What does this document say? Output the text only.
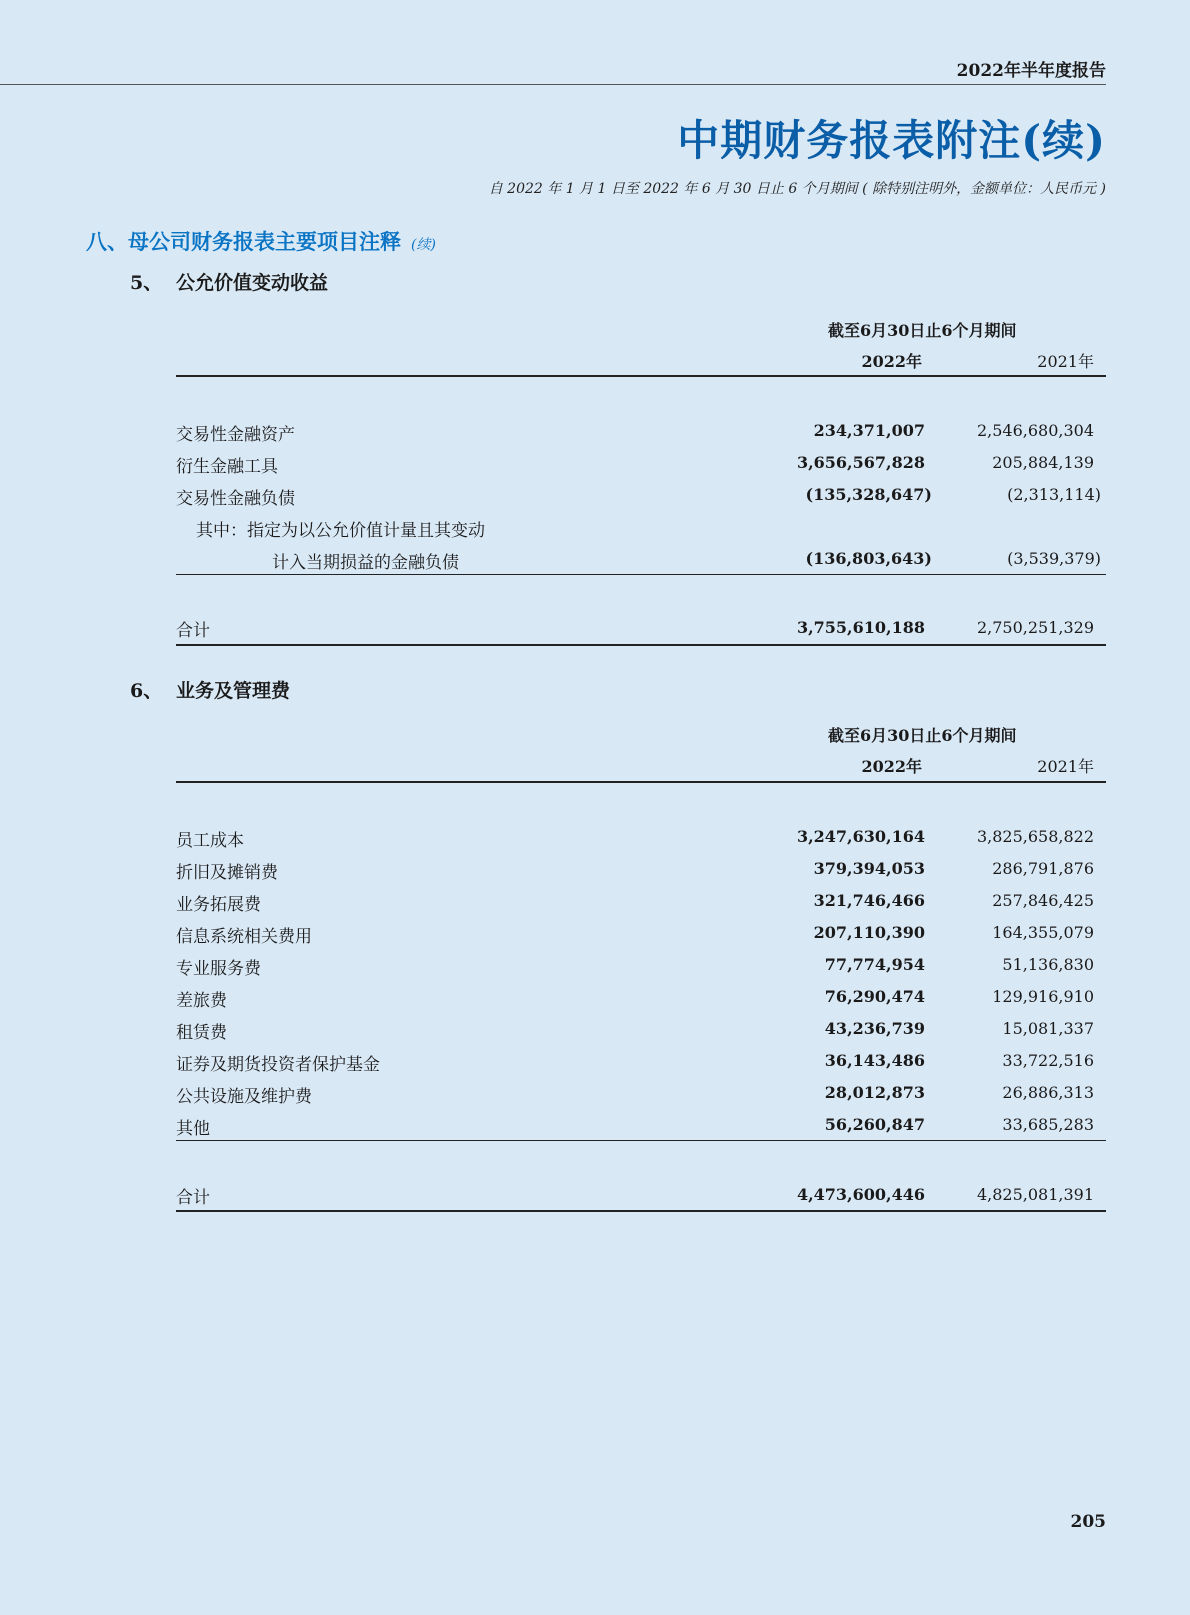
2022年半年度报告
中期财务报表附注(续)
自 2022 年 1 月 1 日至 2022 年 6 月 30 日止 6 个月期间 ( 除特别注明外，金额单位：人民币元 )
八、母公司财务报表主要项目注释 (续)
5、 公允价值变动收益
截至6月30日止6个月期间
2022年	2021年
交易性金融资产	234,371,007	2,546,680,304
衍生金融工具	3,656,567,828	205,884,139
交易性金融负债	(135,328,647)	(2,313,114)
其中：指定为以公允价值计量且其变动
计入当期损益的金融负债	(136,803,643)	(3,539,379)
合计	3,755,610,188	2,750,251,329
6、 业务及管理费
截至6月30日止6个月期间
2022年	2021年
员工成本	3,247,630,164	3,825,658,822
折旧及摊销费	379,394,053	286,791,876
业务拓展费	321,746,466	257,846,425
信息系统相关费用	207,110,390	164,355,079
专业服务费	77,774,954	51,136,830
差旅费	76,290,474	129,916,910
租赁费	43,236,739	15,081,337
证券及期货投资者保护基金	36,143,486	33,722,516
公共设施及维护费	28,012,873	26,886,313
其他	56,260,847	33,685,283
合计	4,473,600,446	4,825,081,391
205
